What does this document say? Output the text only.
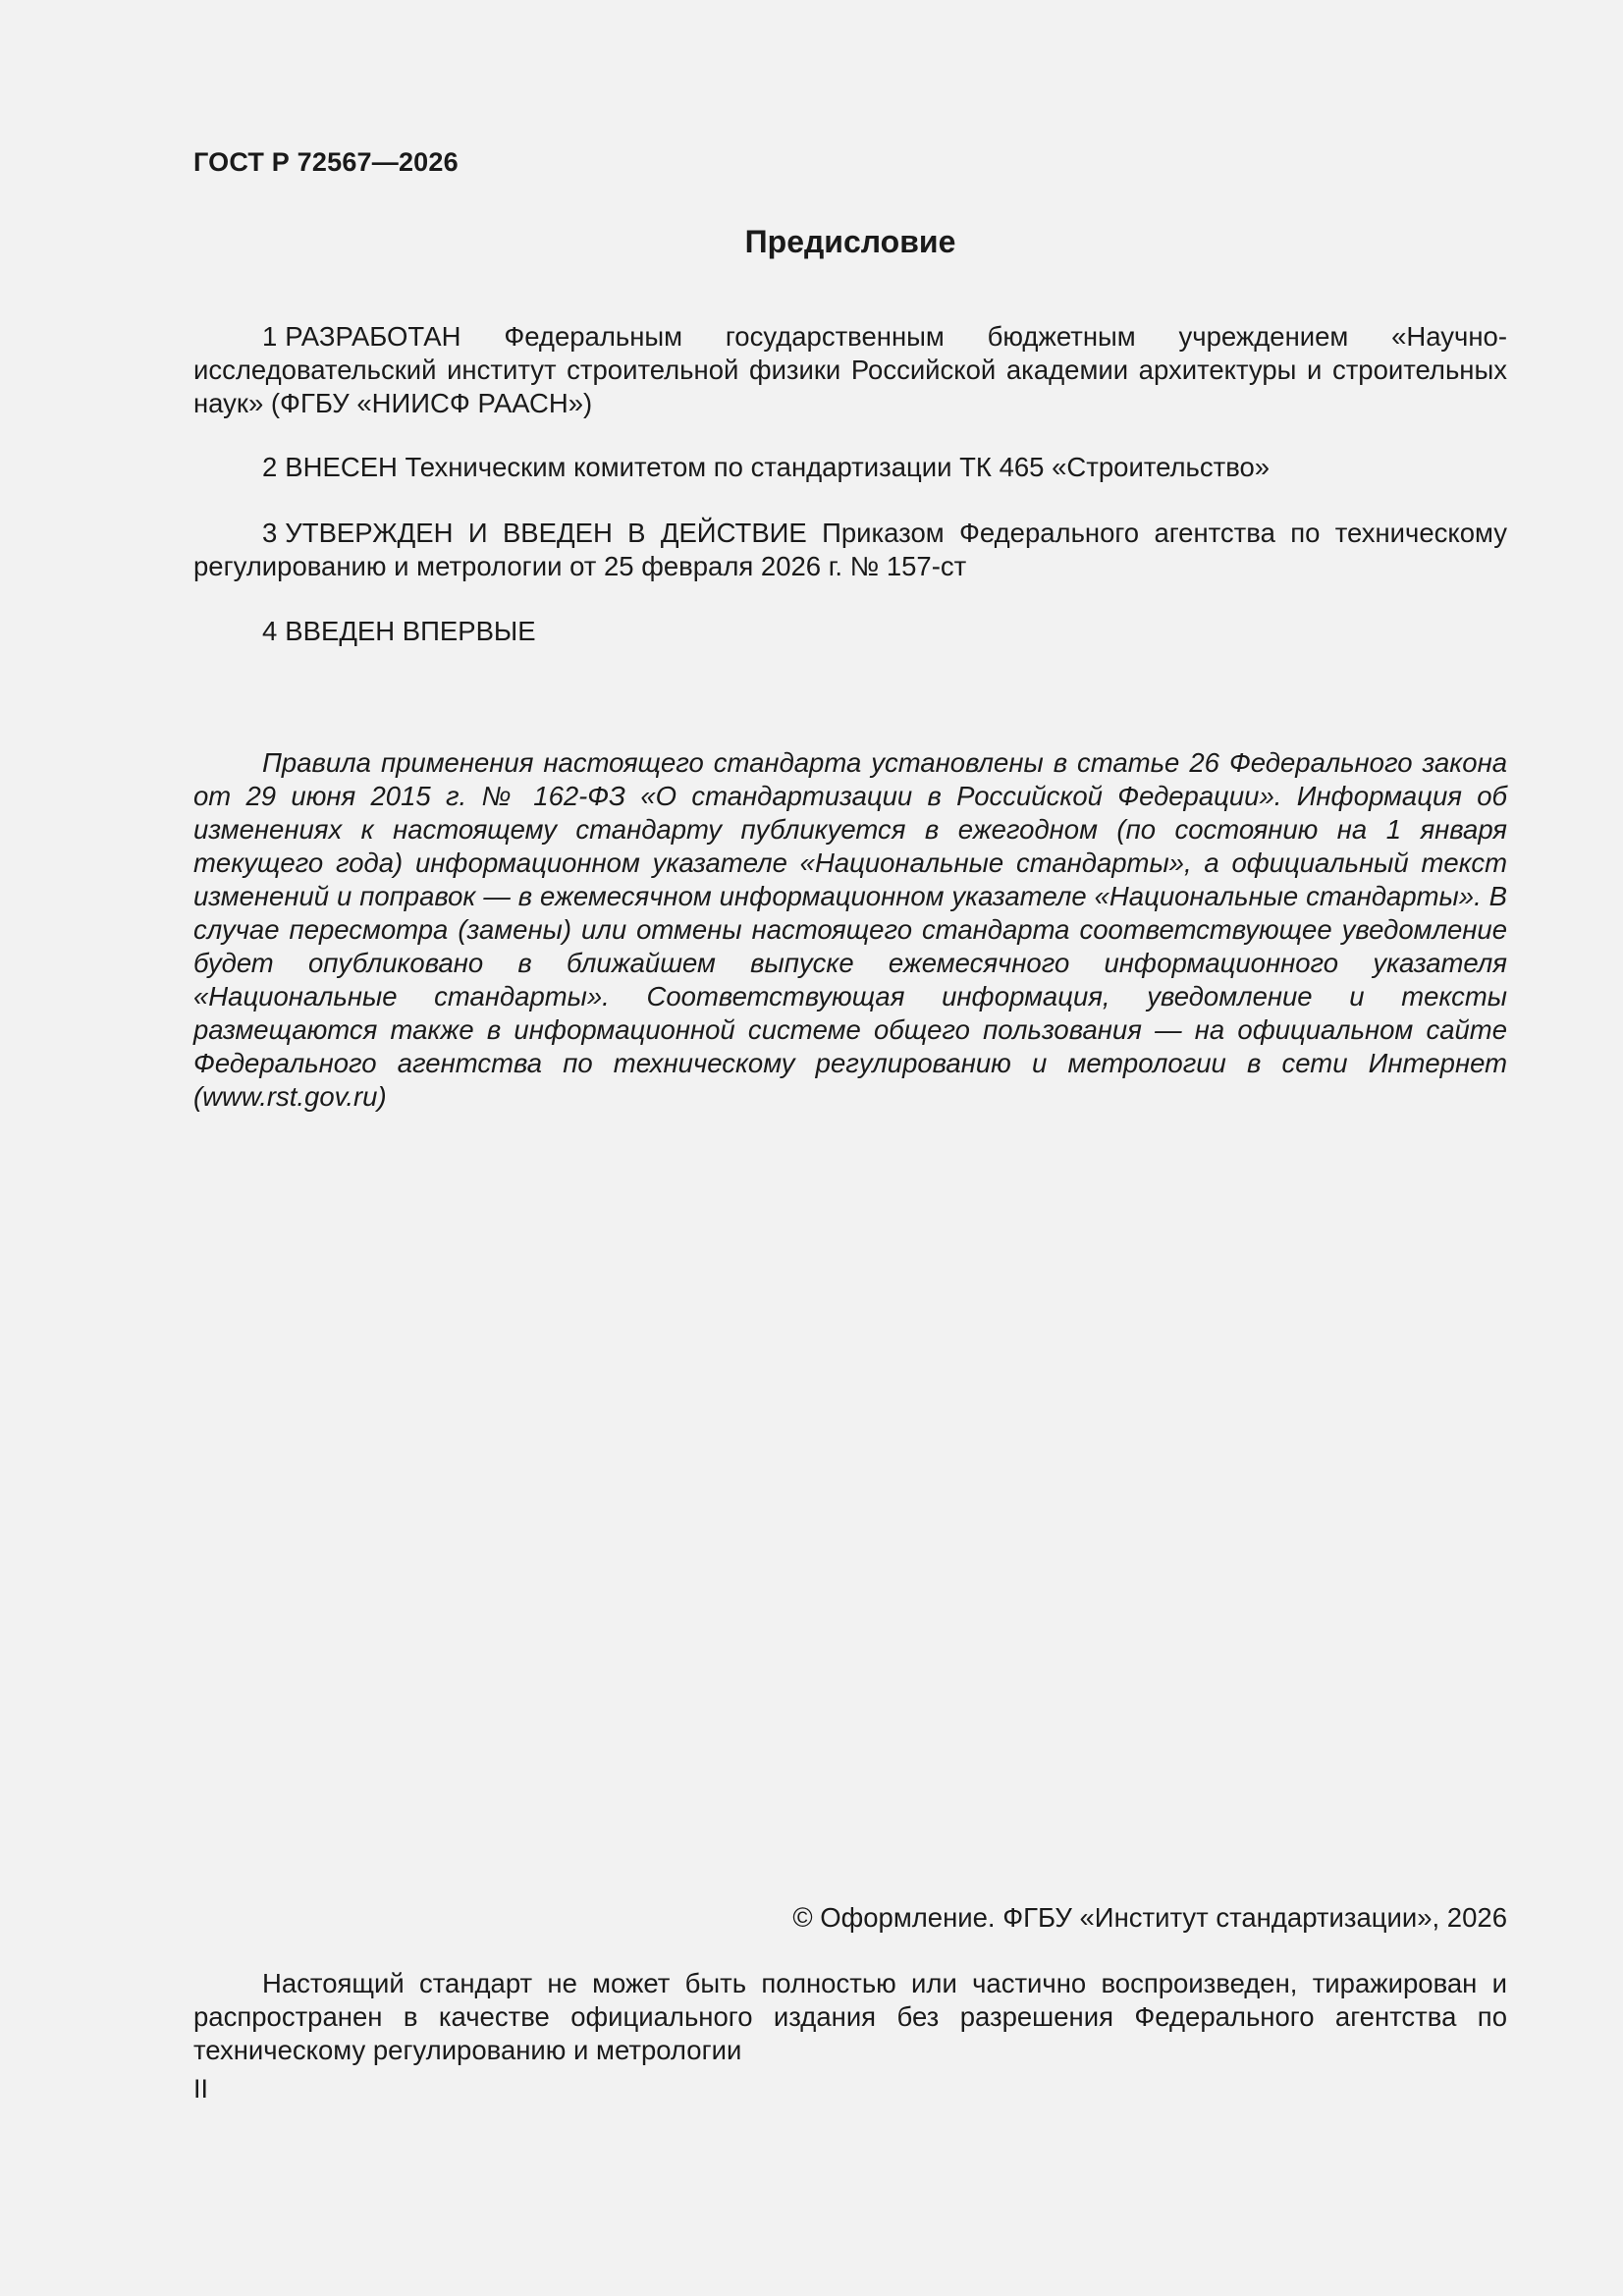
ГОСТ Р 72567—2026
Предисловие

1 РАЗРАБОТАН Федеральным государственным бюджетным учреждением «Научно-исследовательский институт строительной физики Российской академии архитектуры и строительных наук» (ФГБУ «НИИСФ РААСН»)

2 ВНЕСЕН Техническим комитетом по стандартизации ТК 465 «Строительство»

3 УТВЕРЖДЕН И ВВЕДЕН В ДЕЙСТВИЕ Приказом Федерального агентства по техническому регулированию и метрологии от 25 февраля 2026 г. № 157-ст

4 ВВЕДЕН ВПЕРВЫЕ

Правила применения настоящего стандарта установлены в статье 26 Федерального закона от 29 июня 2015 г. № 162-ФЗ «О стандартизации в Российской Федерации». Информация об изменениях к настоящему стандарту публикуется в ежегодном (по состоянию на 1 января текущего года) информационном указателе «Национальные стандарты», а официальный текст изменений и поправок — в ежемесячном информационном указателе «Национальные стандарты». В случае пересмотра (замены) или отмены настоящего стандарта соответствующее уведомление будет опубликовано в ближайшем выпуске ежемесячного информационного указателя «Национальные стандарты». Соответствующая информация, уведомление и тексты размещаются также в информационной системе общего пользования — на официальном сайте Федерального агентства по техническому регулированию и метрологии в сети Интернет (www.rst.gov.ru)

© Оформление. ФГБУ «Институт стандартизации», 2026

Настоящий стандарт не может быть полностью или частично воспроизведен, тиражирован и распространен в качестве официального издания без разрешения Федерального агентства по техническому регулированию и метрологии

II
